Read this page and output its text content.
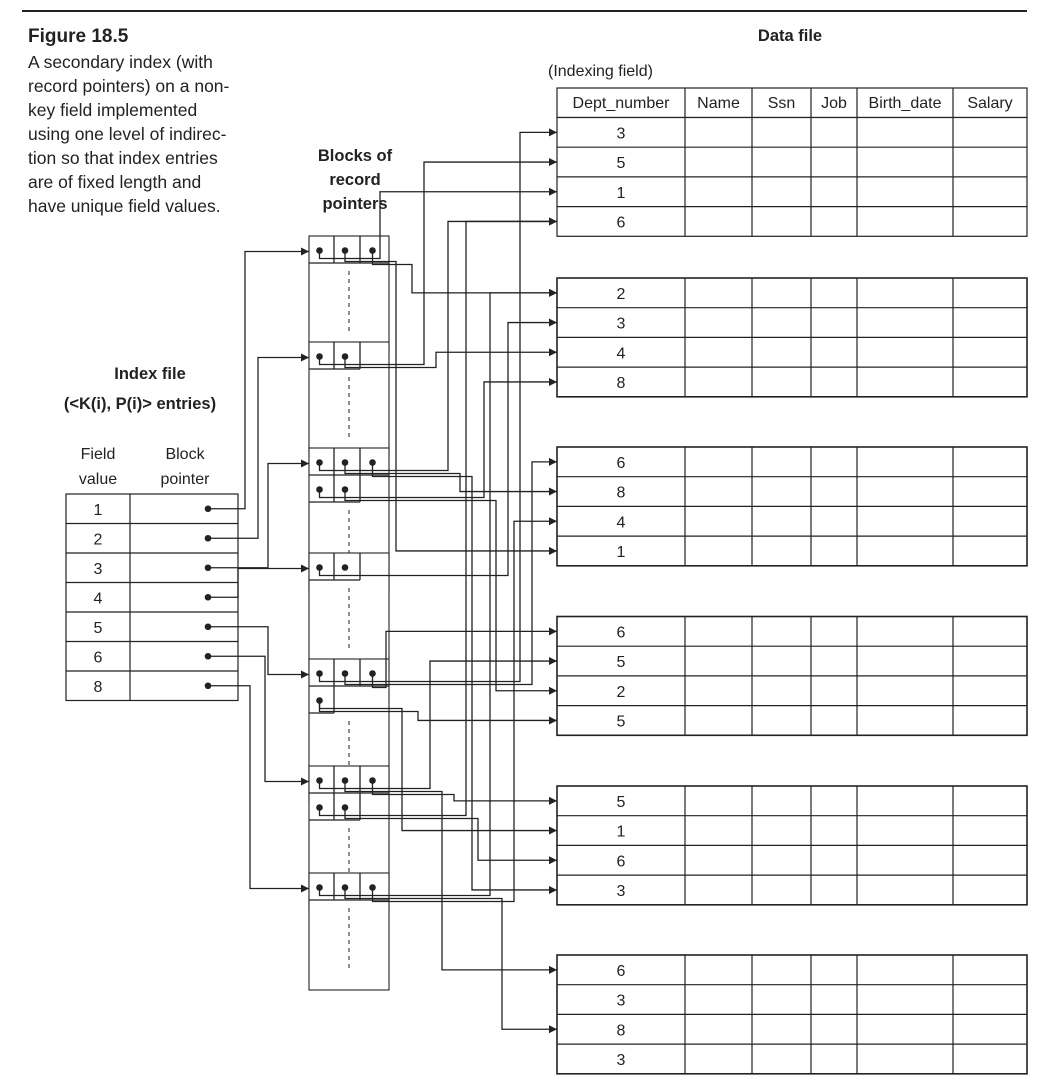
Figure 18.5
A secondary index (with
record pointers) on a non-
key field implemented
using one level of indirec-
tion so that index entries
are of fixed length and
have unique field values.
Data file
(Indexing field)
Blocks of
record
pointers
Index file
(<K(i), P(i)> entries)
Dept_number Name Ssn Job Birth_date Salary
3
5
1
6
2
3
4
8
6
8
4
1
6
5
2
5
5
1
6
3
6
3
8
3
Field
value
Block
pointer
1
2
3
4
5
6
8
